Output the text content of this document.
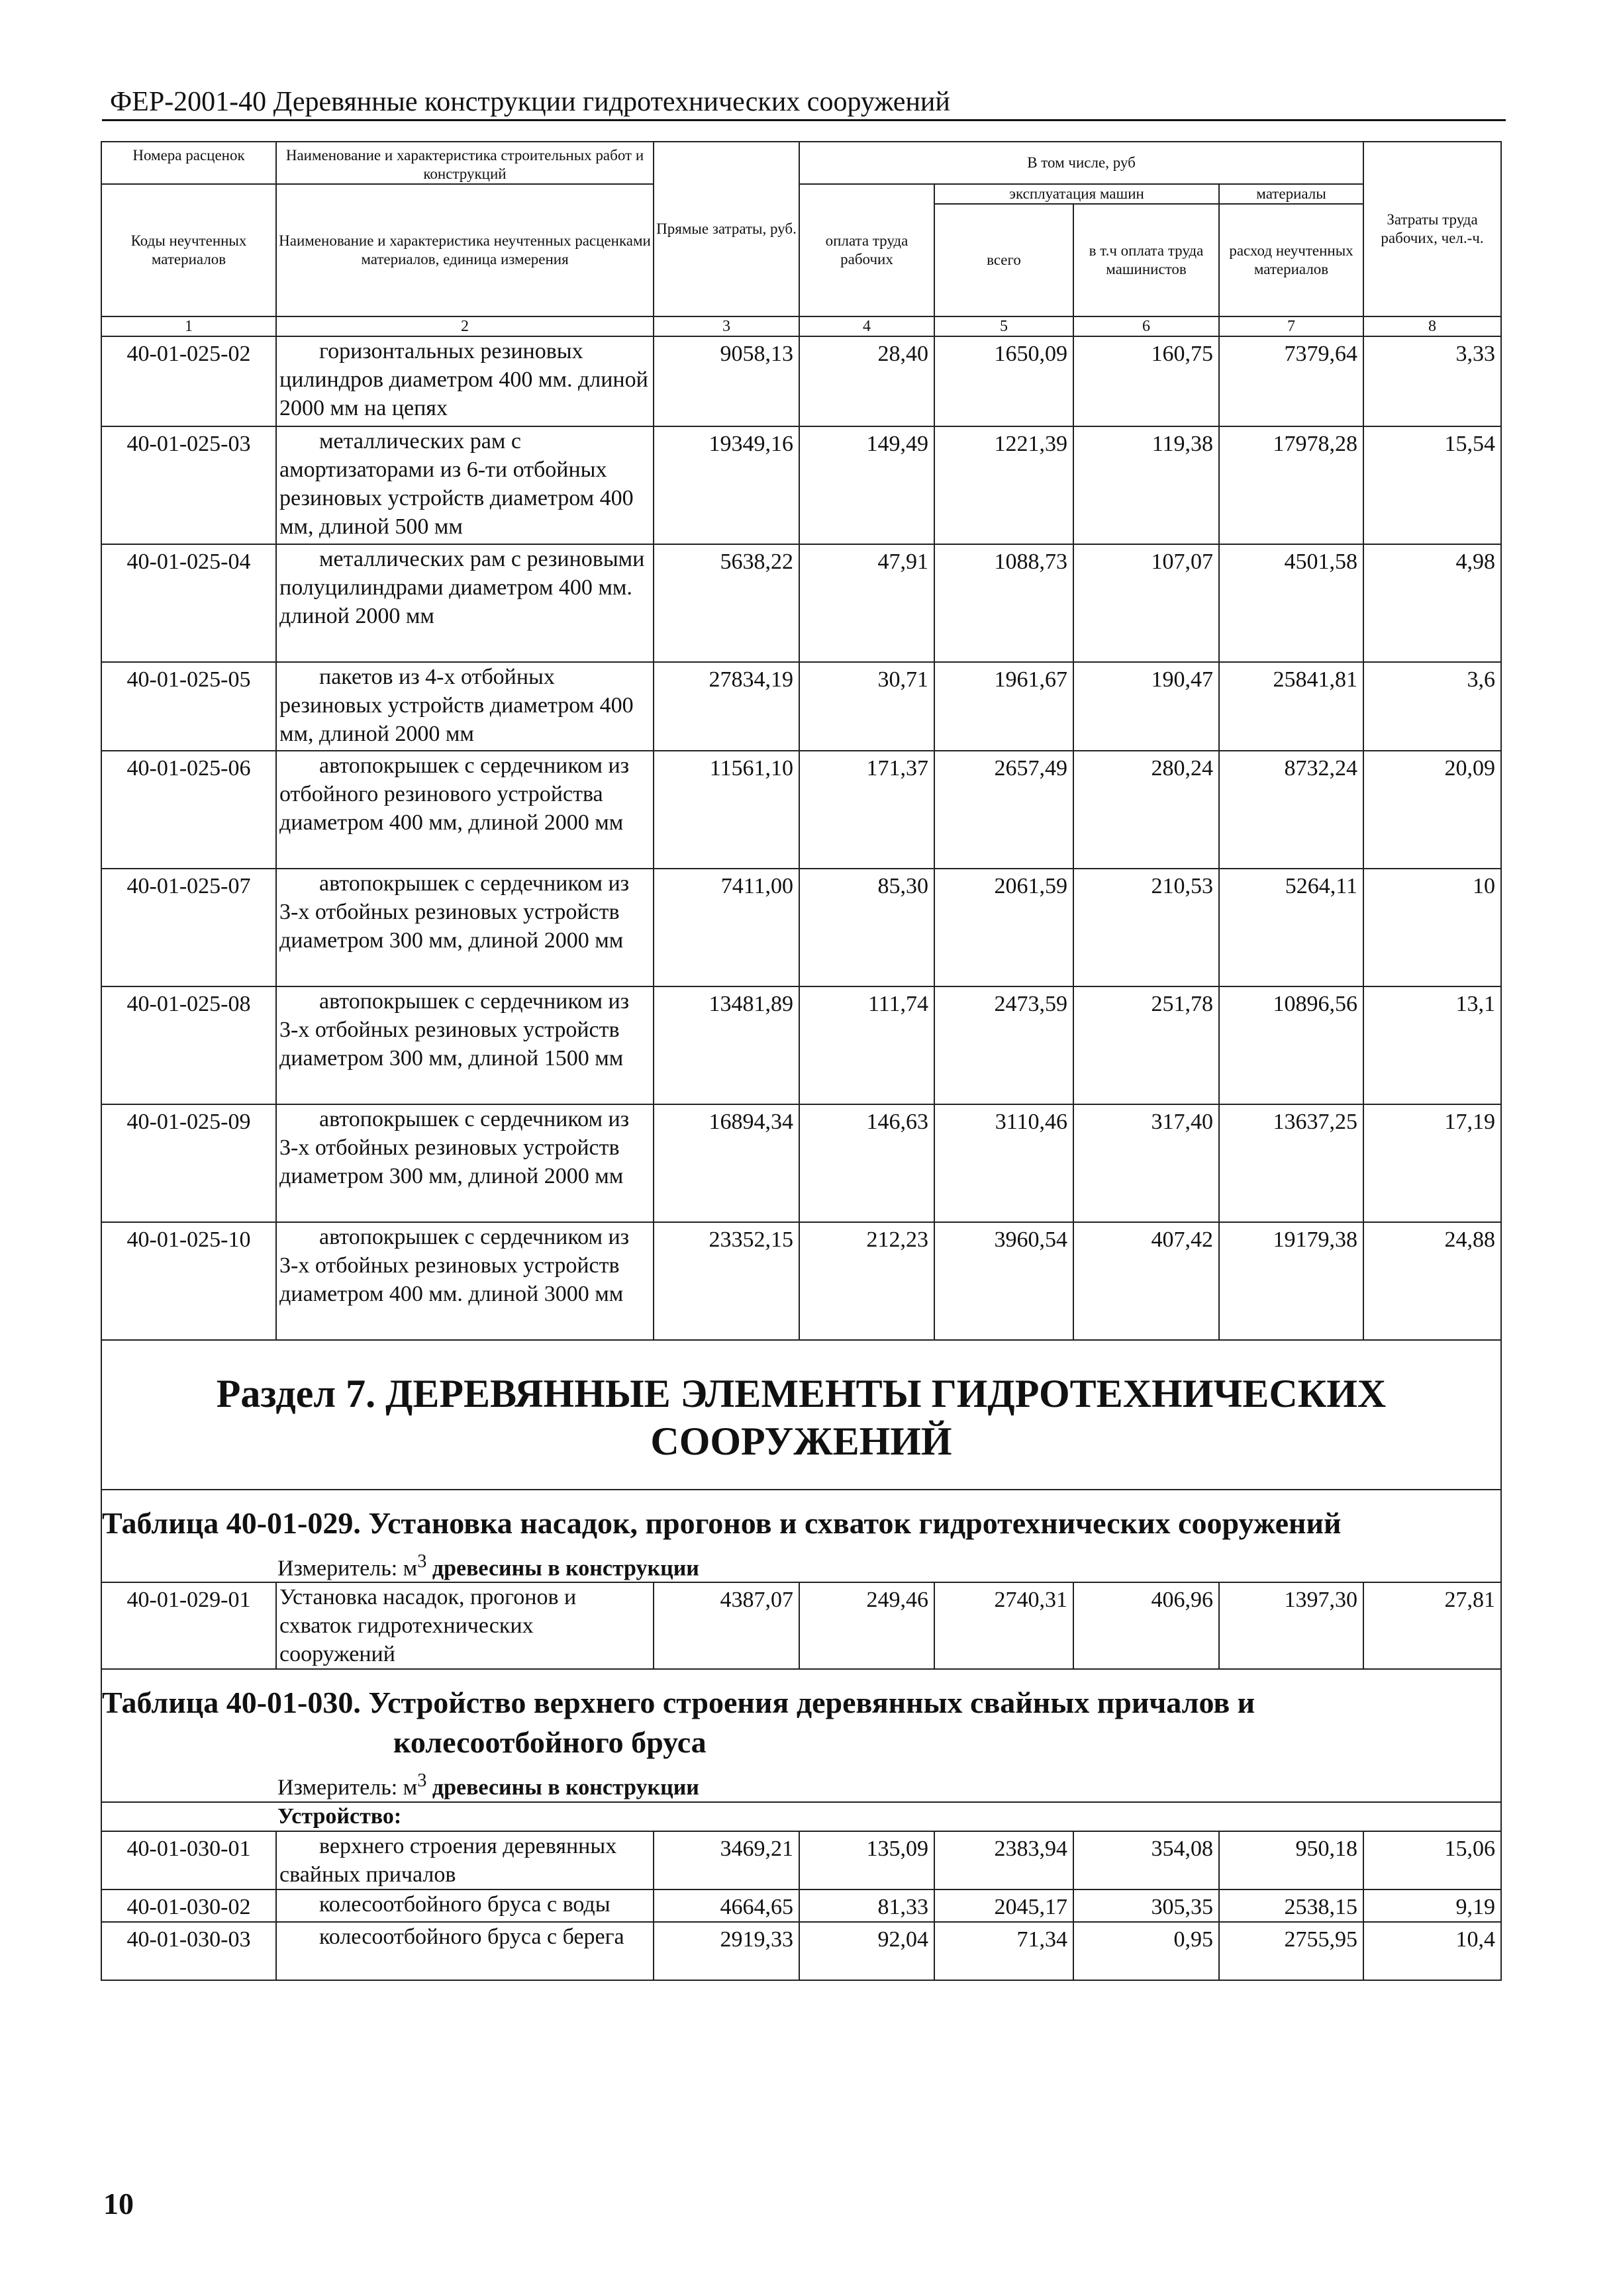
ФЕР-2001-40 Деревянные конструкции гидротехнических сооружений
Номера расценок	Наименование и характеристика строительных работ и конструкций	Прямые затраты, руб.	В том числе, руб				Затраты труда рабочих, чел.-ч.
Коды неучтенных материалов	Наименование и характеристика неучтенных расценками материалов, единица измерения		оплата труда рабочих	эксплуатация машин		материалы	
				всего	в т.ч оплата труда машинистов	расход неучтенных материалов	
1	2	3	4	5	6	7	8
40-01-025-02	горизонтальных резиновых цилиндров диаметром 400 мм. длиной 2000 мм на цепях	9058,13	28,40	1650,09	160,75	7379,64	3,33
40-01-025-03	металлических рам с амортизаторами из 6-ти отбойных резиновых устройств диаметром 400 мм, длиной 500 мм	19349,16	149,49	1221,39	119,38	17978,28	15,54
40-01-025-04	металлических рам с резиновыми полуцилиндрами диаметром 400 мм. длиной 2000 мм	5638,22	47,91	1088,73	107,07	4501,58	4,98
40-01-025-05	пакетов из 4-х отбойных резиновых устройств диаметром 400 мм, длиной 2000 мм	27834,19	30,71	1961,67	190,47	25841,81	3,6
40-01-025-06	автопокрышек с сердечником из отбойного резинового устройства диаметром 400 мм, длиной 2000 мм	11561,10	171,37	2657,49	280,24	8732,24	20,09
40-01-025-07	автопокрышек с сердечником из 3-х отбойных резиновых устройств диаметром 300 мм, длиной 2000 мм	7411,00	85,30	2061,59	210,53	5264,11	10
40-01-025-08	автопокрышек с сердечником из 3-х отбойных резиновых устройств диаметром 300 мм, длиной 1500 мм	13481,89	111,74	2473,59	251,78	10896,56	13,1
40-01-025-09	автопокрышек с сердечником из 3-х отбойных резиновых устройств диаметром 300 мм, длиной 2000 мм	16894,34	146,63	3110,46	317,40	13637,25	17,19
40-01-025-10	автопокрышек с сердечником из 3-х отбойных резиновых устройств диаметром 400 мм. длиной 3000 мм	23352,15	212,23	3960,54	407,42	19179,38	24,88

Раздел 7. ДЕРЕВЯННЫЕ ЭЛЕМЕНТЫ ГИДРОТЕХНИЧЕСКИХ
СООРУЖЕНИЙ							

Таблица 40-01-029. Установка насадок, прогонов и схваток гидротехнических сооружений
Измеритель: $м^3$ древесины в конструкции							

40-01-029-01	Установка насадок, прогонов и схваток гидротехнических сооружений	4387,07	249,46	2740,31	406,96	1397,30	27,81

Таблица 40-01-030. Устройство верхнего строения деревянных свайных причалов и
колесоотбойного бруса
Измеритель: $м^3$ древесины в конструкции							

Устройство:							
40-01-030-01	верхнего строения деревянных свайных причалов	3469,21	135,09	2383,94	354,08	950,18	15,06
40-01-030-02	колесоотбойного бруса с воды	4664,65	81,33	2045,17	305,35	2538,15	9,19
40-01-030-03	колесоотбойного бруса с берега	2919,33	92,04	71,34	0,95	2755,95	10,4
10
